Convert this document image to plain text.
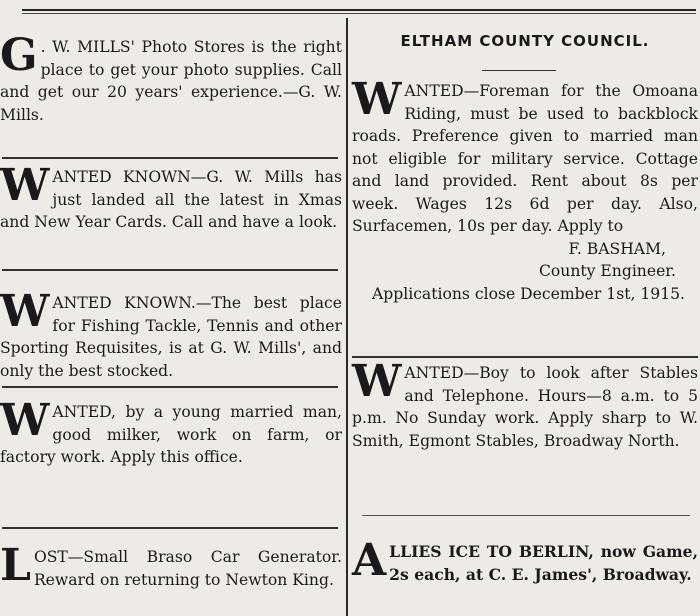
G . W. MILLS' Photo Stores is the right place to get your photo supplies. Call and get our 20 years' experience.—G. W. Mills.

W ANTED KNOWN—G. W. Mills has just landed all the latest in Xmas and New Year Cards. Call and have a look.

W ANTED KNOWN.—The best place for Fishing Tackle, Tennis and other Sporting Requisites, is at G. W. Mills', and only the best stocked.

W ANTED, by a young married man, good milker, work on farm, or factory work. Apply this office.

L OST—Small Braso Car Generator. Reward on returning to Newton King.

ELTHAM COUNTY COUNCIL.
W ANTED—Foreman for the Omoana Riding, must be used to backblock roads. Preference given to married man not eligible for military service. Cottage and land provided. Rent about 8s per week. Wages 12s 6d per day. Also, Surfacemen, 10s per day. Apply to

F. BASHAM,

County Engineer.

Applications close December 1st, 1915.

W ANTED—Boy to look after Stables and Telephone. Hours—8 a.m. to 5 p.m. No Sunday work. Apply sharp to W. Smith, Egmont Stables, Broadway North.

A LLIES ICE TO BERLIN, now Game, 2s each, at C. E. James', Broadway.
